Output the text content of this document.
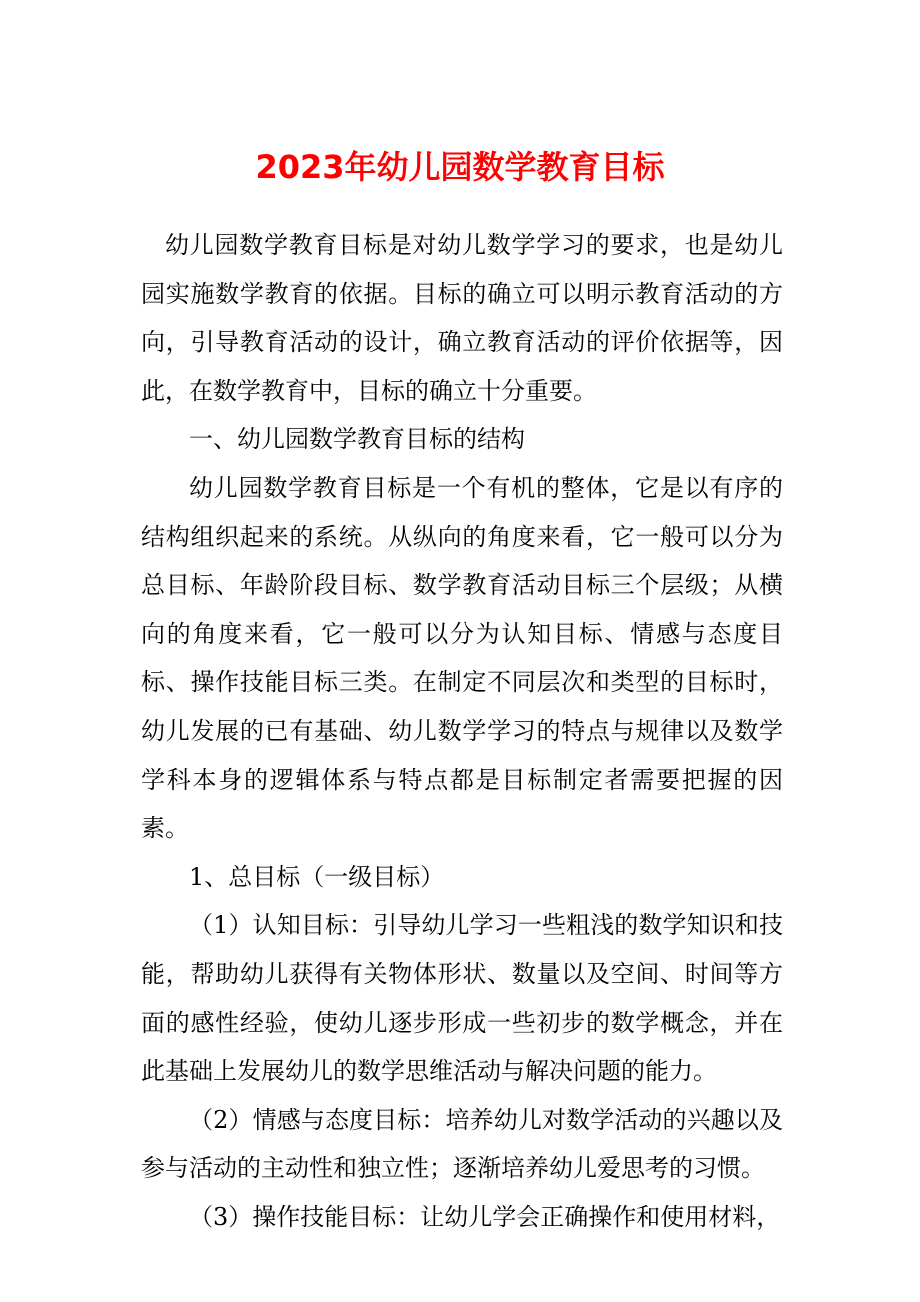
2023年幼儿园数学教育目标

幼儿园数学教育目标是对幼儿数学学习的要求，也是幼儿园实施数学教育的依据。目标的确立可以明示教育活动的方向，引导教育活动的设计，确立教育活动的评价依据等，因此，在数学教育中，目标的确立十分重要。

一、幼儿园数学教育目标的结构

幼儿园数学教育目标是一个有机的整体，它是以有序的结构组织起来的系统。从纵向的角度来看，它一般可以分为总目标、年龄阶段目标、数学教育活动目标三个层级；从横向的角度来看，它一般可以分为认知目标、情感与态度目标、操作技能目标三类。在制定不同层次和类型的目标时，幼儿发展的已有基础、幼儿数学学习的特点与规律以及数学学科本身的逻辑体系与特点都是目标制定者需要把握的因素。

1、总目标（一级目标）

（1）认知目标：引导幼儿学习一些粗浅的数学知识和技能，帮助幼儿获得有关物体形状、数量以及空间、时间等方面的感性经验，使幼儿逐步形成一些初步的数学概念，并在此基础上发展幼儿的数学思维活动与解决问题的能力。

（2）情感与态度目标：培养幼儿对数学活动的兴趣以及参与活动的主动性和独立性；逐渐培养幼儿爱思考的习惯。

（3）操作技能目标：让幼儿学会正确操作和使用材料，
